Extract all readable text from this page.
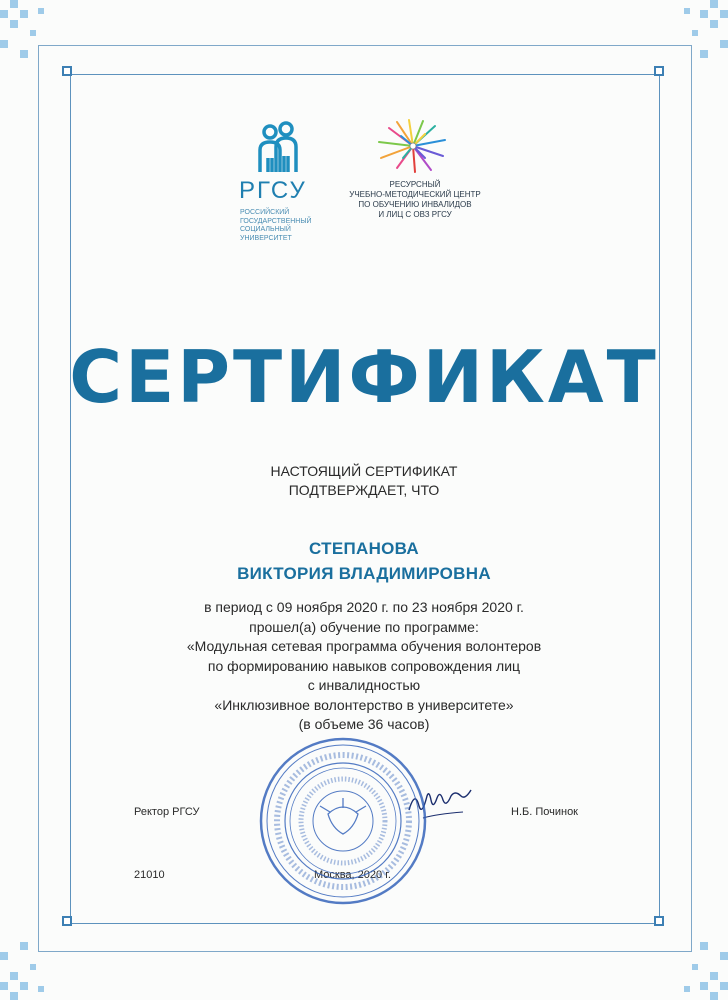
РГСУ
РОССИЙСКИЙ
ГОСУДАРСТВЕННЫЙ
СОЦИАЛЬНЫЙ
УНИВЕРСИТЕТ
РЕСУРСНЫЙ
УЧЕБНО-МЕТОДИЧЕСКИЙ ЦЕНТР
ПО ОБУЧЕНИЮ ИНВАЛИДОВ
И ЛИЦ С ОВЗ РГСУ
СЕРТИФИКАТ
НАСТОЯЩИЙ СЕРТИФИКАТ
ПОДТВЕРЖДАЕТ, ЧТО
СТЕПАНОВА
ВИКТОРИЯ ВЛАДИМИРОВНА
в период с 09 ноября 2020 г. по 23 ноября 2020 г.
прошел(а) обучение по программе:
«Модульная сетевая программа обучения волонтеров
по формированию навыков сопровождения лиц
с инвалидностью
«Инклюзивное волонтерство в университете»
(в объеме 36 часов)
Ректор РГСУ	Н.Б. Починок
21010	Москва, 2020 г.
